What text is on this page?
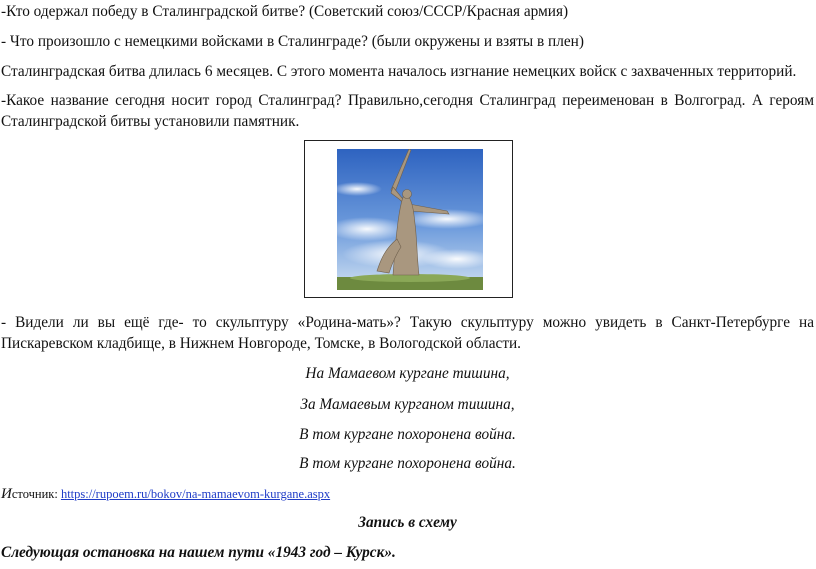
-Кто одержал победу в Сталинградской битве? (Советский союз/СССР/Красная армия)

- Что произошло с немецкими войсками в Сталинграде? (были окружены и взяты в плен)

Сталинградская битва длилась 6 месяцев. С этого момента началось изгнание немецких войск с захваченных территорий.

-Какое название сегодня носит город Сталинград? Правильно,сегодня Сталинград переименован в Волгоград. А героям Сталинградской битвы установили памятник.

- Видели ли вы ещё где- то скульптуру «Родина-мать»? Такую скульптуру можно увидеть в Санкт-Петербурге на Пискаревском кладбище, в Нижнем Новгороде, Томске, в Вологодской области.

На Мамаевом кургане тишина,

За Мамаевым курганом тишина,

В том кургане похоронена война.

В том кургане похоронена война.

Источник: https://rupoem.ru/bokov/na-mamaevom-kurgane.aspx

Запись в схему

Следующая остановка на нашем пути «1943 год – Курск».
